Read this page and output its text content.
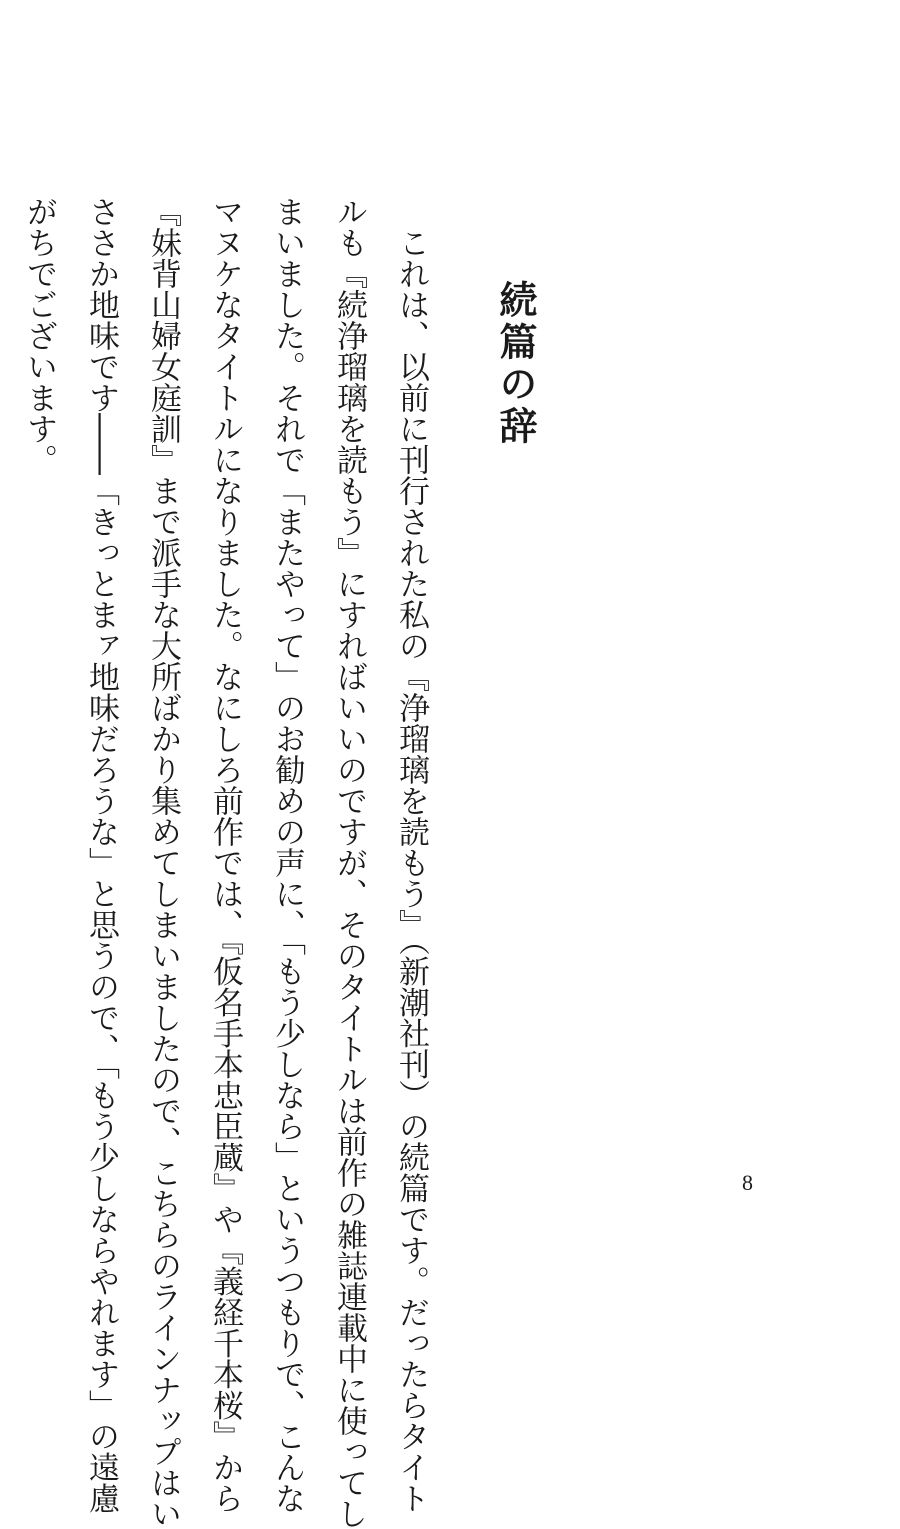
続篇の辞
　これは、以前に刊行された私の『浄瑠璃を読もう』（新潮社刊）の続篇です。だったらタイト
ルも『続浄瑠璃を読もう』にすればいいのですが、そのタイトルは前作の雑誌連載中に使ってし
まいました。それで「またやって」のお勧めの声に、「もう少しなら」というつもりで、こんな
マヌケなタイトルになりました。なにしろ前作では、『仮名手本忠臣蔵』や『義経千本桜』から
『妹背山婦女庭訓』まで派手な大所ばかり集めてしまいましたので、こちらのラインナップはい
ささか地味です――「きっとまァ地味だろうな」と思うので、「もう少しならやれます」の遠慮
がちでございます。
8
